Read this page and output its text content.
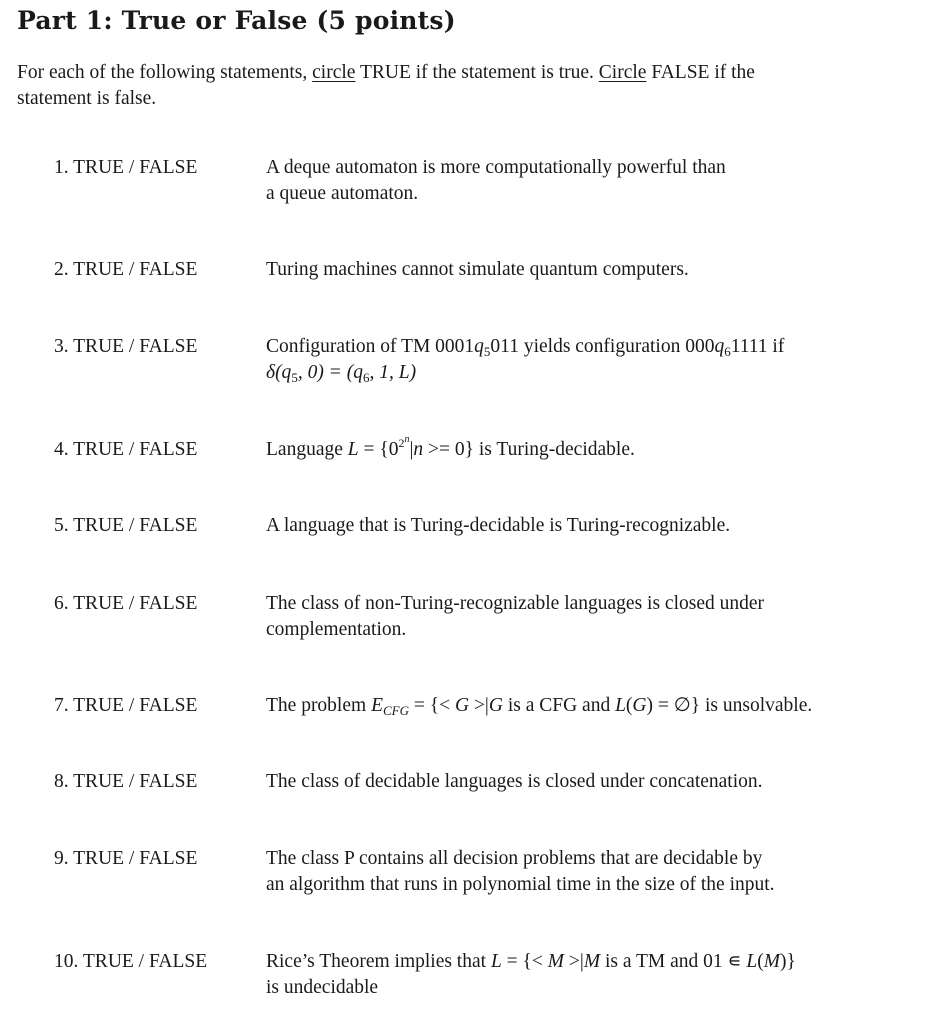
Part 1: True or False (5 points)
For each of the following statements, circle TRUE if the statement is true. Circle FALSE if the
statement is false.
1. TRUE / FALSE	A deque automaton is more computationally powerful than
a queue automaton.
2. TRUE / FALSE	Turing machines cannot simulate quantum computers.
3. TRUE / FALSE	Configuration of TM $0001q_5011$ yields configuration $000q_61111$ if
$\delta(q_5$, $0) = (q_6$, 1, L)
4. TRUE / FALSE	Language $L = \{0^{2^n}|n >= 0\}$ is Turing-decidable.
5. TRUE / FALSE	A language that is Turing-decidable is Turing-recognizable.
6. TRUE / FALSE	The class of non-Turing-recognizable languages is closed under
complementation.
7. TRUE / FALSE	The problem $E_{CFG}$ = {< G >|G is a CFG and L(G) = ∅} is unsolvable.
8. TRUE / FALSE	The class of decidable languages is closed under concatenation.
9. TRUE / FALSE	The class P contains all decision problems that are decidable by
an algorithm that runs in polynomial time in the size of the input.
10. TRUE / FALSE	Rice’s Theorem implies that L = {< M >|M is a TM and 01 ∊ L(M)}
is undecidable
